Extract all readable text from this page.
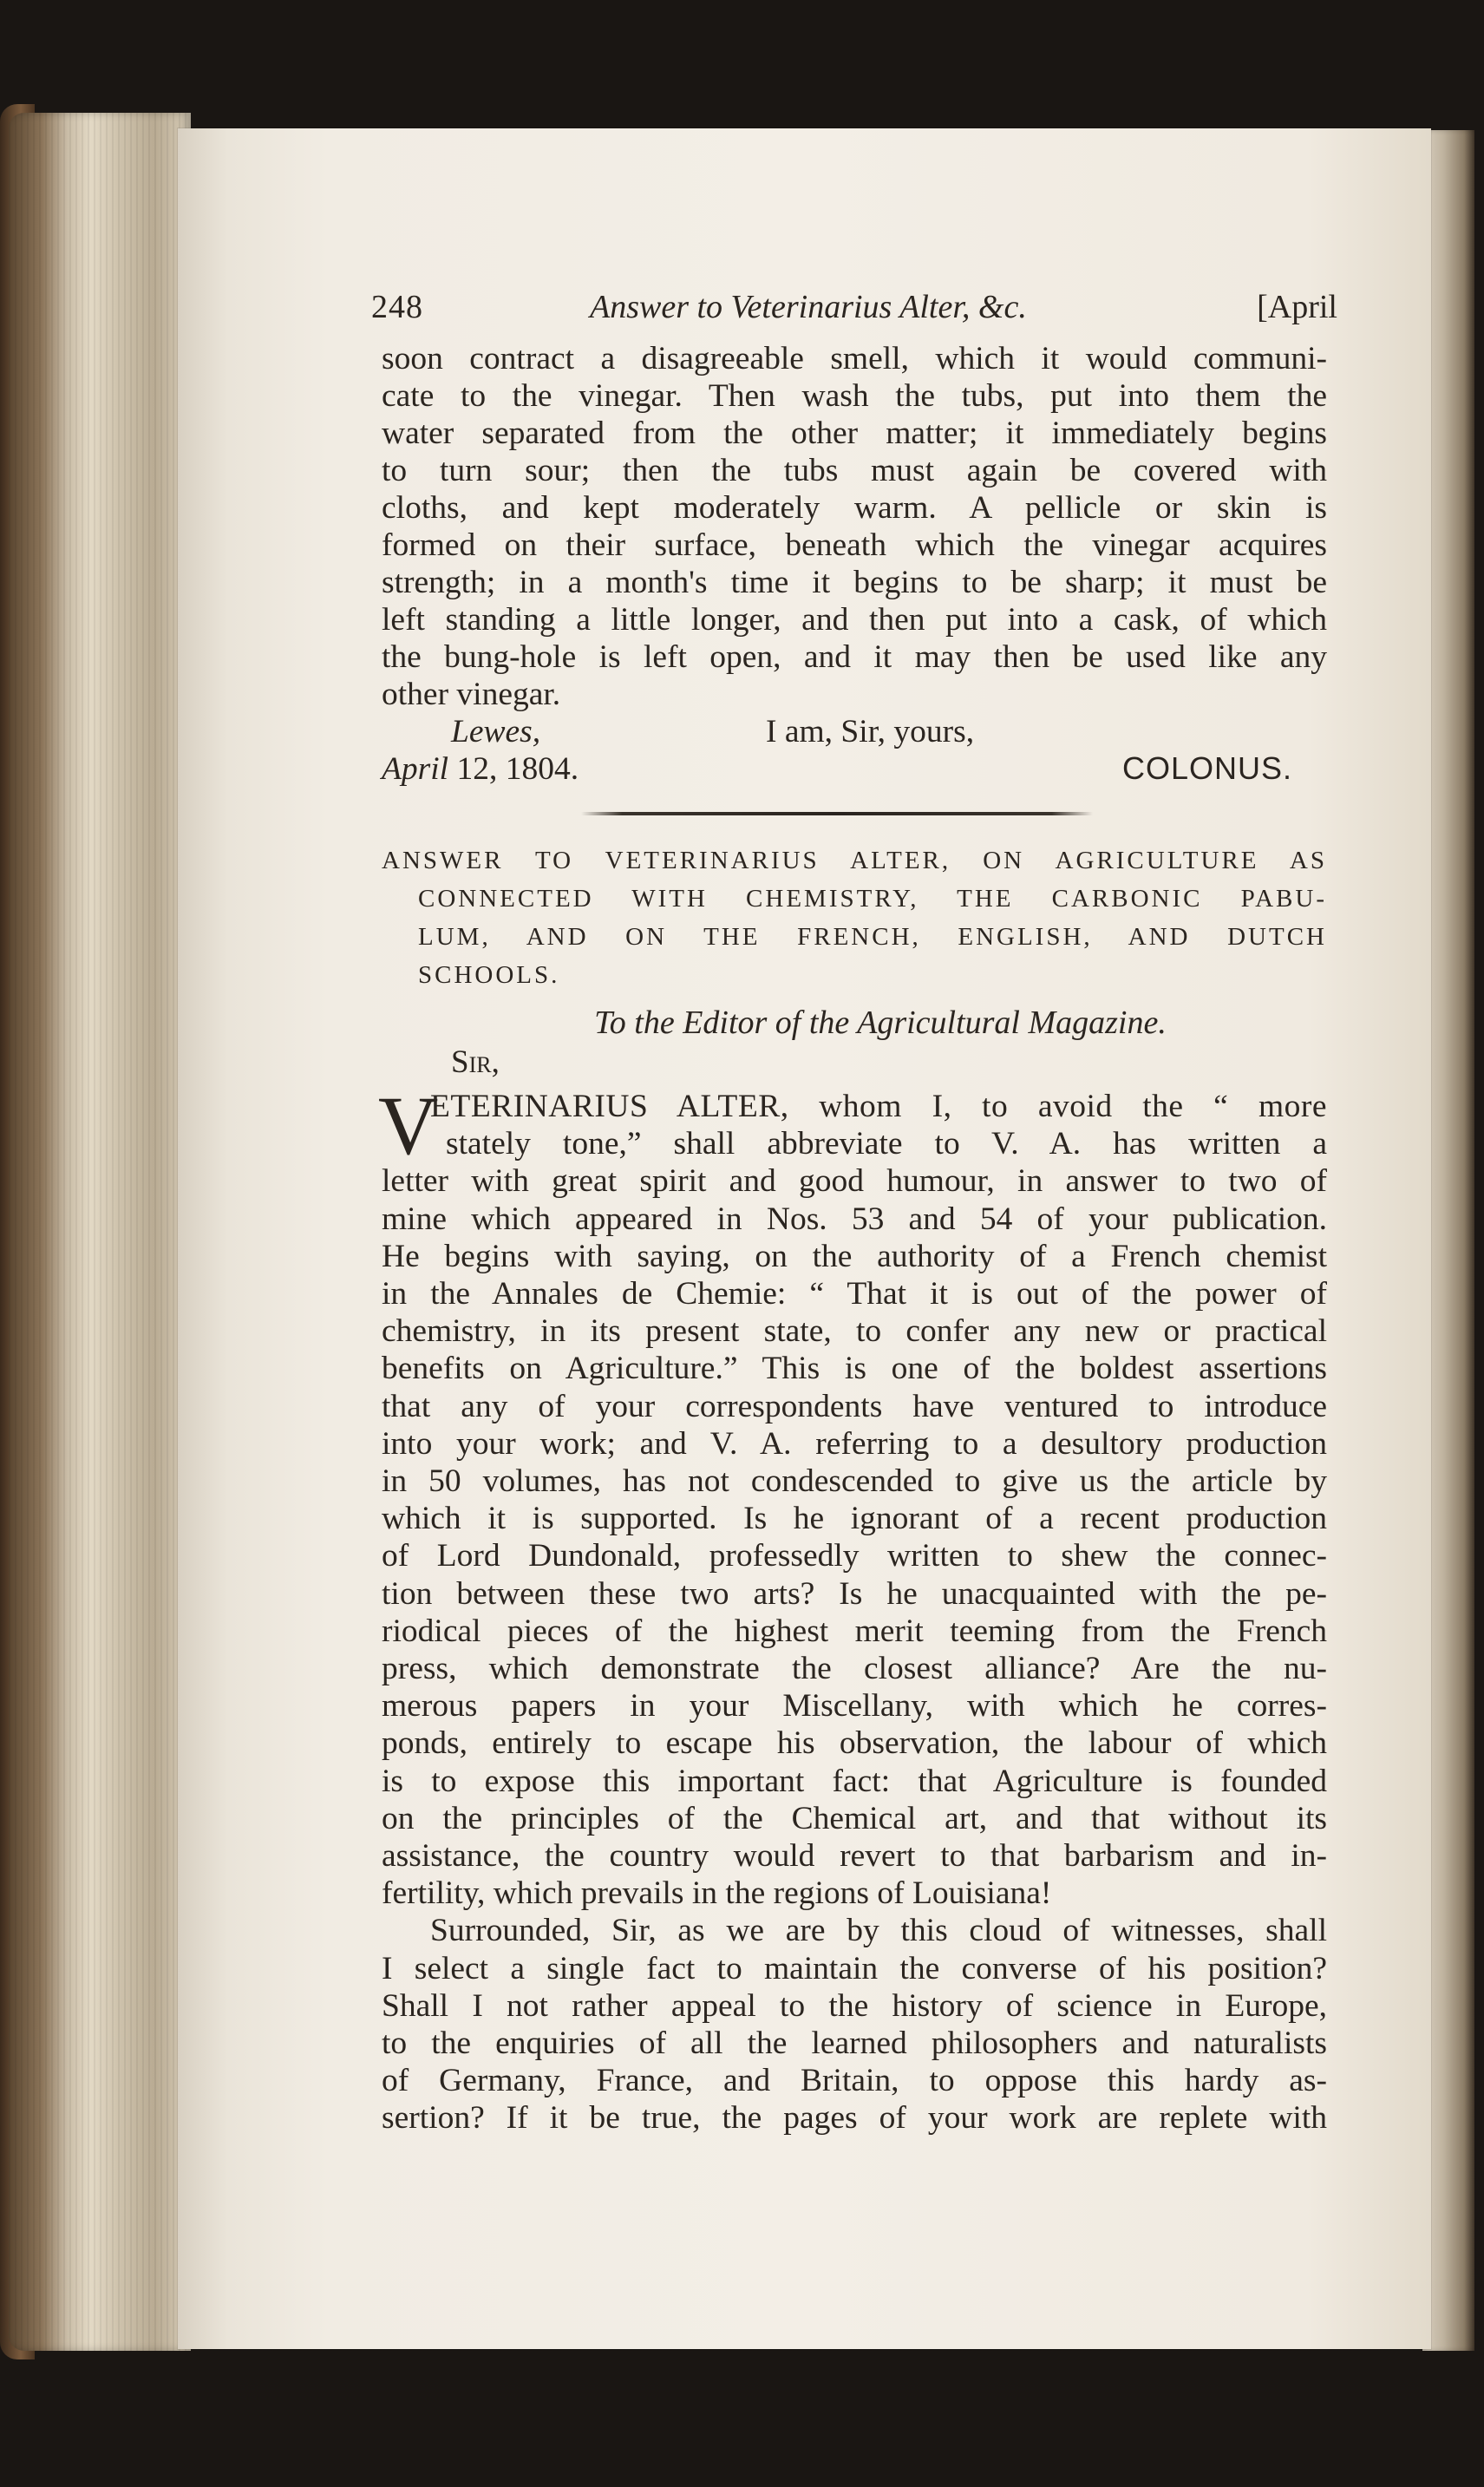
248	Answer to Veterinarius Alter, &c.	[April
soon contract a disagreeable smell, which it would communi-
cate to the vinegar. Then wash the tubs, put into them the
water separated from the other matter; it immediately begins
to turn sour; then the tubs must again be covered with
cloths, and kept moderately warm. A pellicle or skin is
formed on their surface, beneath which the vinegar acquires
strength; in a month's time it begins to be sharp; it must be
left standing a little longer, and then put into a cask, of which
the bung-hole is left open, and it may then be used like any
other vinegar.
Lewes,
April 12, 1804.
I am, Sir, yours,
COLONUS.
ANSWER TO VETERINARIUS ALTER, ON AGRICULTURE AS
CONNECTED WITH CHEMISTRY, THE CARBONIC PABU-
LUM, AND ON THE FRENCH, ENGLISH, AND DUTCH
SCHOOLS.
To the Editor of the Agricultural Magazine.
Sir,
V
ETERINARIUS ALTER, whom I, to avoid the “ more
stately tone,” shall abbreviate to V. A. has written a
letter with great spirit and good humour, in answer to two of
mine which appeared in Nos. 53 and 54 of your publication.
He begins with saying, on the authority of a French chemist
in the Annales de Chemie: “ That it is out of the power of
chemistry, in its present state, to confer any new or practical
benefits on Agriculture.” This is one of the boldest assertions
that any of your correspondents have ventured to introduce
into your work; and V. A. referring to a desultory production
in 50 volumes, has not condescended to give us the article by
which it is supported. Is he ignorant of a recent production
of Lord Dundonald, professedly written to shew the connec-
tion between these two arts? Is he unacquainted with the pe-
riodical pieces of the highest merit teeming from the French
press, which demonstrate the closest alliance? Are the nu-
merous papers in your Miscellany, with which he corres-
ponds, entirely to escape his observation, the labour of which
is to expose this important fact: that Agriculture is founded
on the principles of the Chemical art, and that without its
assistance, the country would revert to that barbarism and in-
fertility, which prevails in the regions of Louisiana!
Surrounded, Sir, as we are by this cloud of witnesses, shall
I select a single fact to maintain the converse of his position?
Shall I not rather appeal to the history of science in Europe,
to the enquiries of all the learned philosophers and naturalists
of Germany, France, and Britain, to oppose this hardy as-
sertion? If it be true, the pages of your work are replete with
